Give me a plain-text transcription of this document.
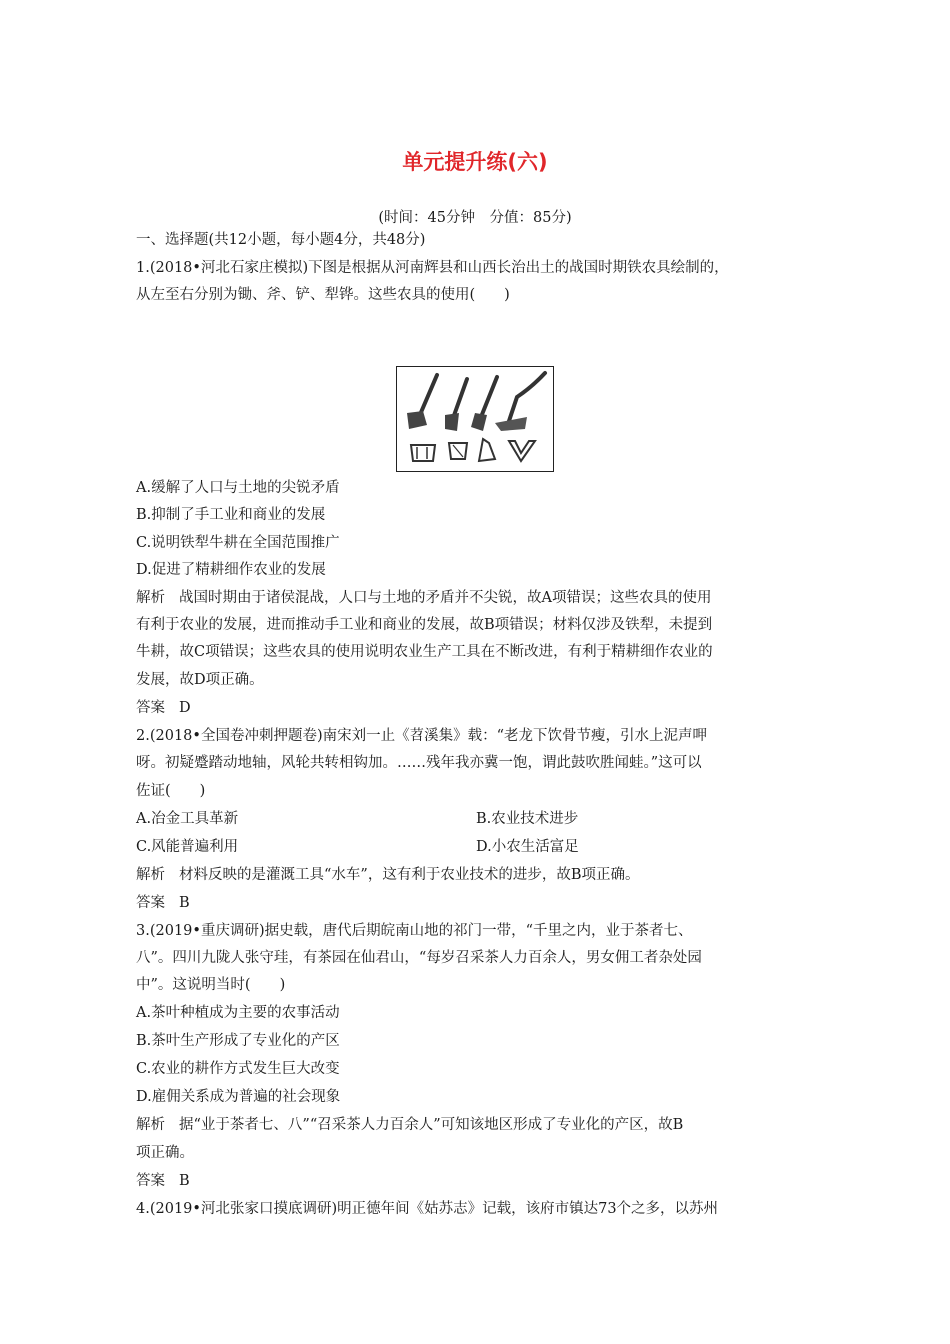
单元提升练(六)
(时间：45分钟　分值：85分)
一、选择题(共12小题，每小题4分，共48分)
1.(2018•河北石家庄模拟)下图是根据从河南辉县和山西长治出土的战国时期铁农具绘制的，
从左至右分别为锄、斧、铲、犁铧。这些农具的使用(　　)
A.缓解了人口与土地的尖锐矛盾
B.抑制了手工业和商业的发展
C.说明铁犁牛耕在全国范围推广
D.促进了精耕细作农业的发展
解析 战国时期由于诸侯混战，人口与土地的矛盾并不尖锐，故A项错误；这些农具的使用
有利于农业的发展，进而推动手工业和商业的发展，故B项错误；材料仅涉及铁犁，未提到
牛耕，故C项错误；这些农具的使用说明农业生产工具在不断改进，有利于精耕细作农业的
发展，故D项正确。
答案 D
2.(2018•全国卷冲刺押题卷)南宋刘一止《苕溪集》载：“老龙下饮骨节瘦，引水上泥声呷
呀。初疑蹙踏动地轴，风轮共转相钩加。……残年我亦冀一饱，谓此鼓吹胜闻蛙。”这可以
佐证(　　)
A.冶金工具革新	B.农业技术进步
C.风能普遍利用	D.小农生活富足
解析 材料反映的是灌溉工具“水车”，这有利于农业技术的进步，故B项正确。
答案 B
3.(2019•重庆调研)据史载，唐代后期皖南山地的祁门一带，“千里之内，业于茶者七、
八”。四川九陇人张守珪，有茶园在仙君山，“每岁召采茶人力百余人，男女佣工者杂处园
中”。这说明当时(　　)
A.茶叶种植成为主要的农事活动
B.茶叶生产形成了专业化的产区
C.农业的耕作方式发生巨大改变
D.雇佣关系成为普遍的社会现象
解析 据“业于茶者七、八”“召采茶人力百余人”可知该地区形成了专业化的产区，故B
项正确。
答案 B
4.(2019•河北张家口摸底调研)明正德年间《姑苏志》记载，该府市镇达73个之多，以苏州
